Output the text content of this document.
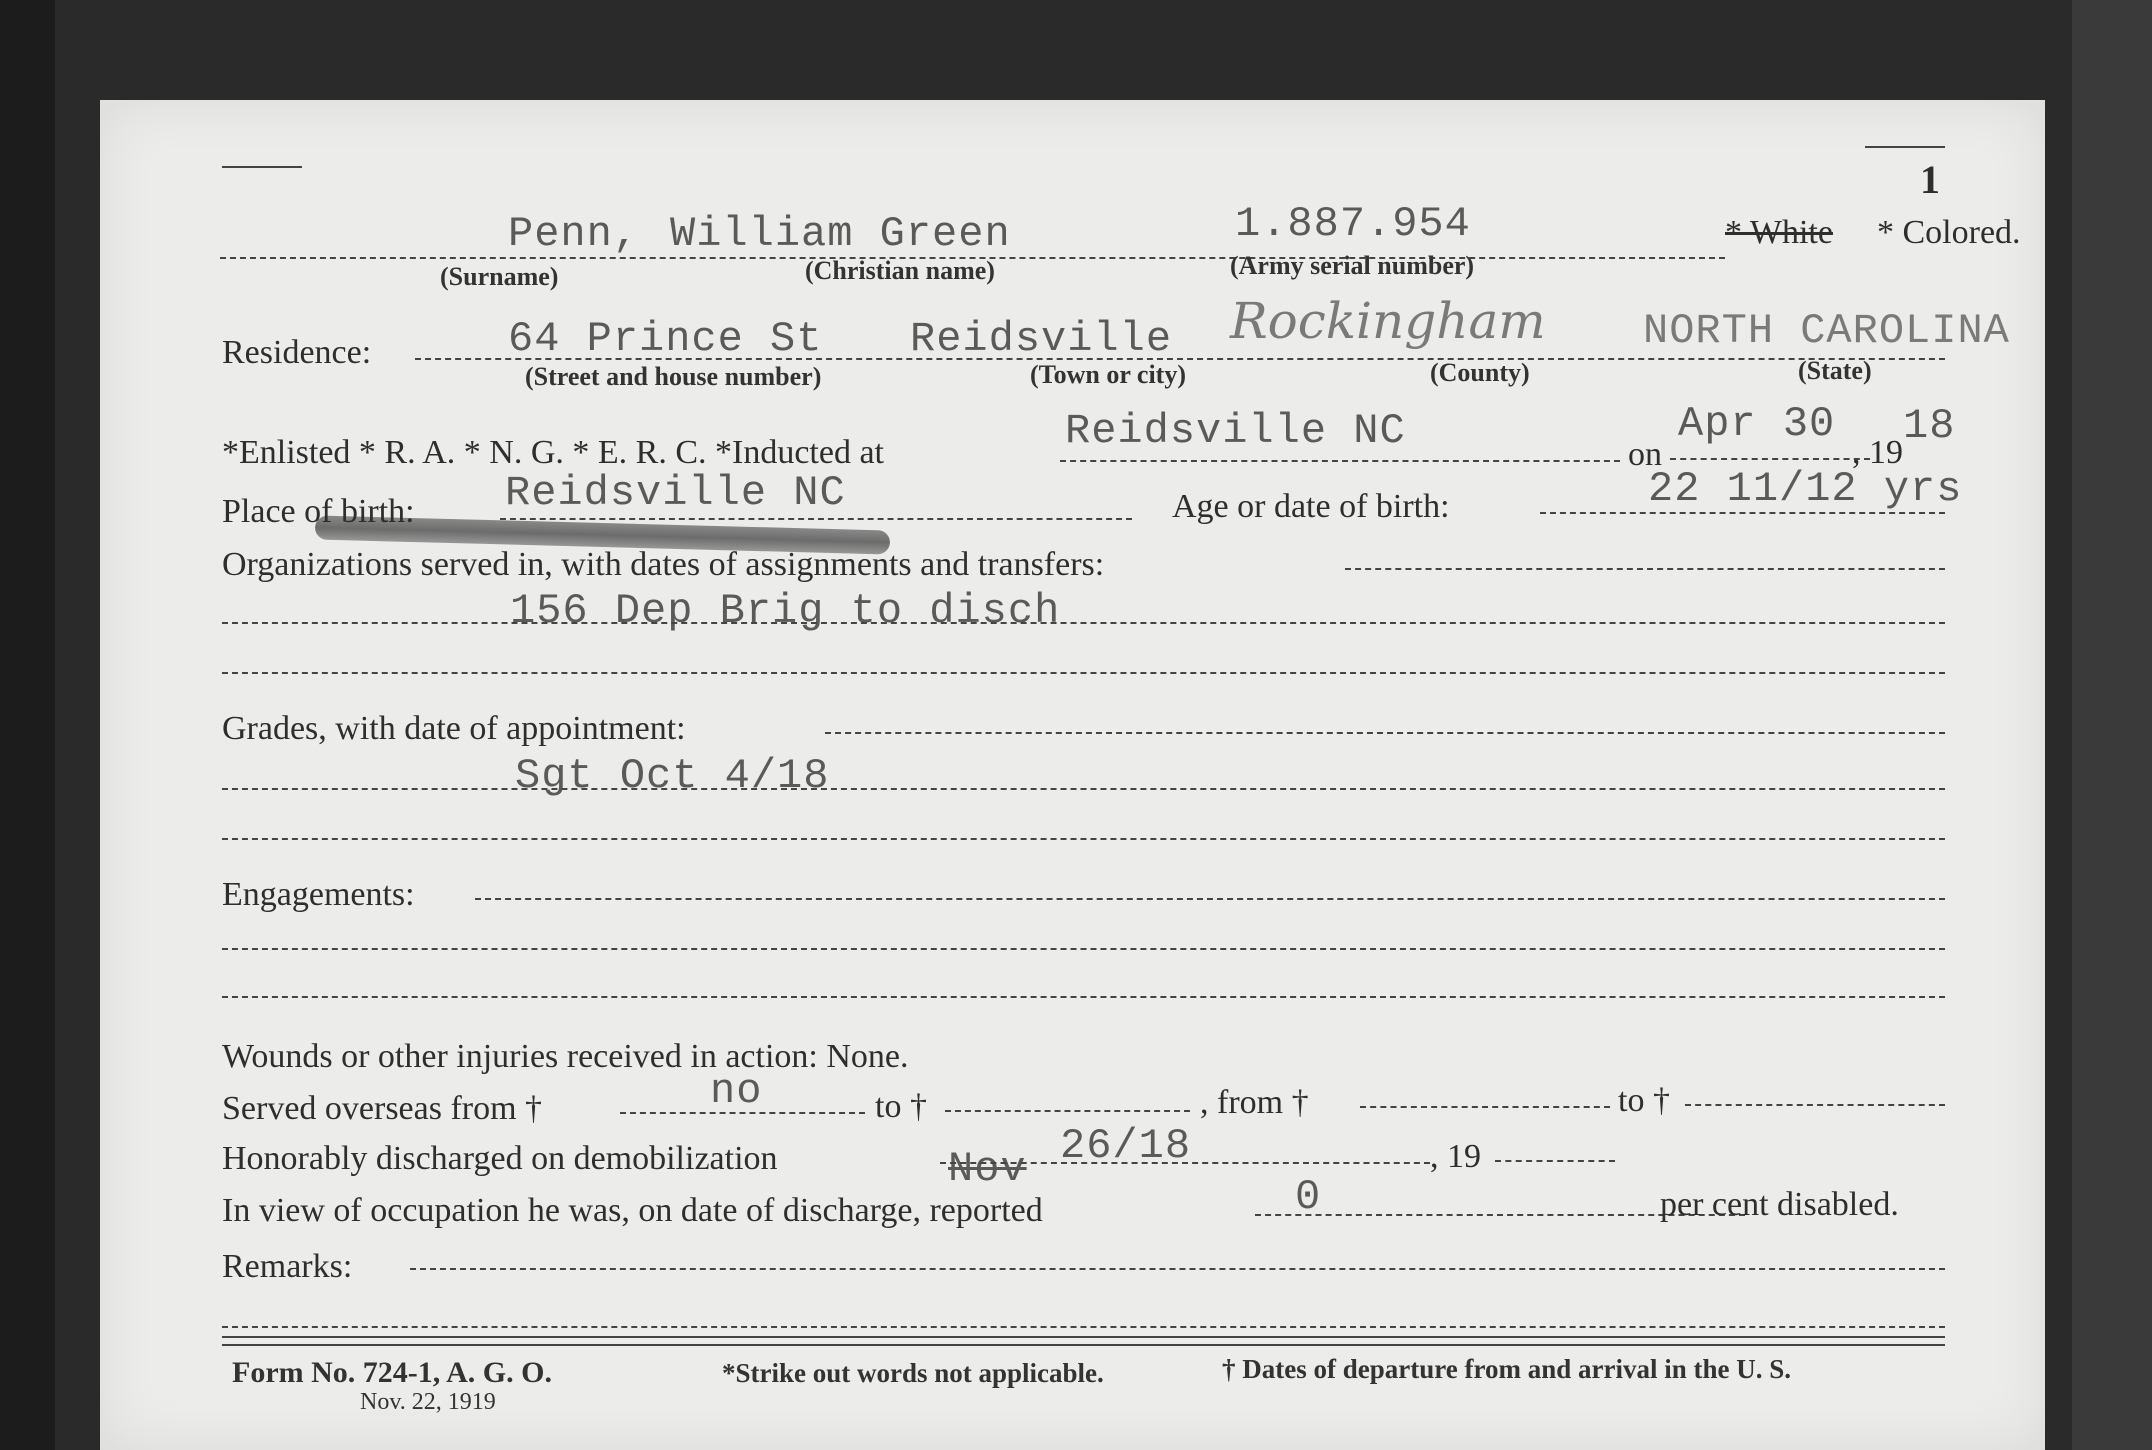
1
Penn, William Green	1.887.954	* White * Colored.
(Surname)	(Christian name)	(Army serial number)
Residence:	64 Prince St Reidsville Rockingham NORTH CAROLINA
(Street and house number)	(Town or city)	(County)	(State)
*Enlisted * R. A. * N. G. * E. R. C. *Inducted at	Reidsville NC	on
Apr 30
, 19
18
Place of birth: Reidsville NC	Age or date of birth:	22 11/12 yrs
Organizations served in, with dates of assignments and transfers:
156 Dep Brig to disch
Grades, with date of appointment:
Sgt Oct 4/18
Engagements:
Wounds or other injuries received in action: None.
Served overseas from †	no	to †	, from †	to †
Honorably discharged on demobilization	Nov 26/18	, 19
In view of occupation he was, on date of discharge, reported	0	per cent disabled.
Remarks:
Form No. 724-1, A. G. O.	*Strike out words not applicable.	† Dates of departure from and arrival in the U. S.
Nov. 22, 1919
